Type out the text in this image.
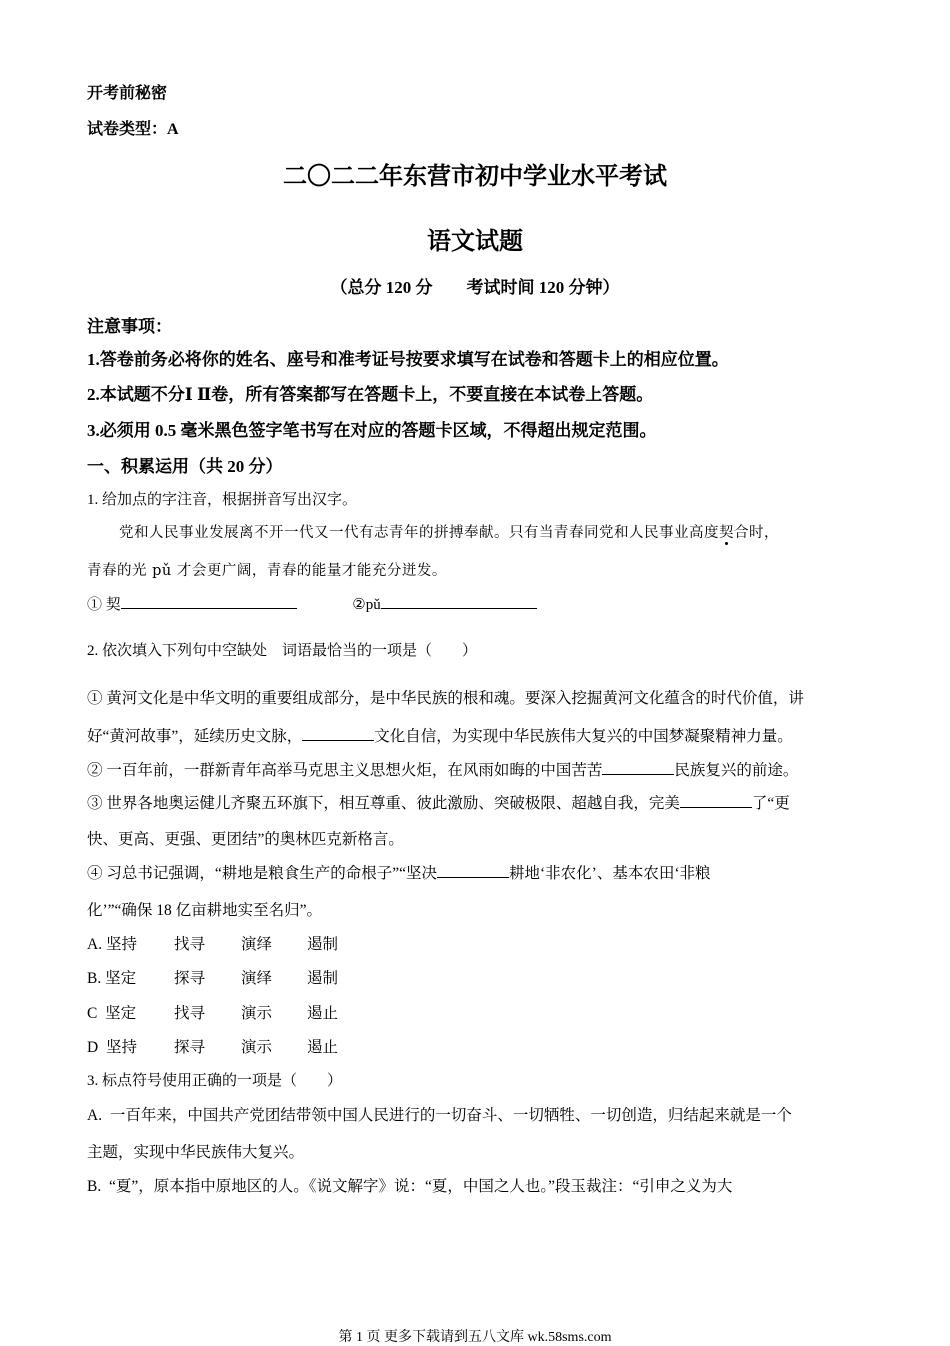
开考前秘密
试卷类型：A
二〇二二年东营市初中学业水平考试
语文试题
（总分 120 分　　考试时间 120 分钟）
注意事项：
1.答卷前务必将你的姓名、座号和准考证号按要求填写在试卷和答题卡上的相应位置。
2.本试题不分Ⅰ Ⅱ卷，所有答案都写在答题卡上，不要直接在本试卷上答题。
3.必须用 0.5 毫米黑色签字笔书写在对应的答题卡区域，不得超出规定范围。
一、积累运用（共 20 分）
1. 给加点的字注音，根据拼音写出汉字。
党和人民事业发展离不开一代又一代有志青年的拼搏奉献。只有当青春同党和人民事业高度契合时，
青春的光 pǔ 才会更广阔，青春的能量才能充分迸发。
① 契	②pǔ
2. 依次填入下列句中空缺处　词语最恰当的一项是（　　）
① 黄河文化是中华文明的重要组成部分，是中华民族的根和魂。要深入挖掘黄河文化蕴含的时代价值，讲
好“黄河故事”，延续历史文脉，	文化自信，为实现中华民族伟大复兴的中国梦凝聚精神力量。
② 一百年前，一群新青年高举马克思主义思想火炬，在风雨如晦的中国苦苦	民族复兴的前途。
③ 世界各地奥运健儿齐聚五环旗下，相互尊重、彼此激励、突破极限、超越自我，完美	了“更
快、更高、更强、更团结”的奥林匹克新格言。
④ 习总书记强调，“耕地是粮食生产的命根子”“坚决	耕地‘非农化’、基本农田‘非粮
化’”“确保 18 亿亩耕地实至名归”。
A. 坚持 找寻 演绎 遏制
B. 坚定 探寻 演绎 遏制
C  坚定 找寻 演示 遏止
D  坚持 探寻 演示 遏止
3. 标点符号使用正确的一项是（　　）
A.  一百年来，中国共产党团结带领中国人民进行的一切奋斗、一切牺牲、一切创造，归结起来就是一个
主题，实现中华民族伟大复兴。
B.  “夏”，原本指中原地区的人。《说文解字》说：“夏，中国之人也。”段玉裁注：“引申之义为大
第 1 页 更多下载请到五八文库 wk.58sms.com
